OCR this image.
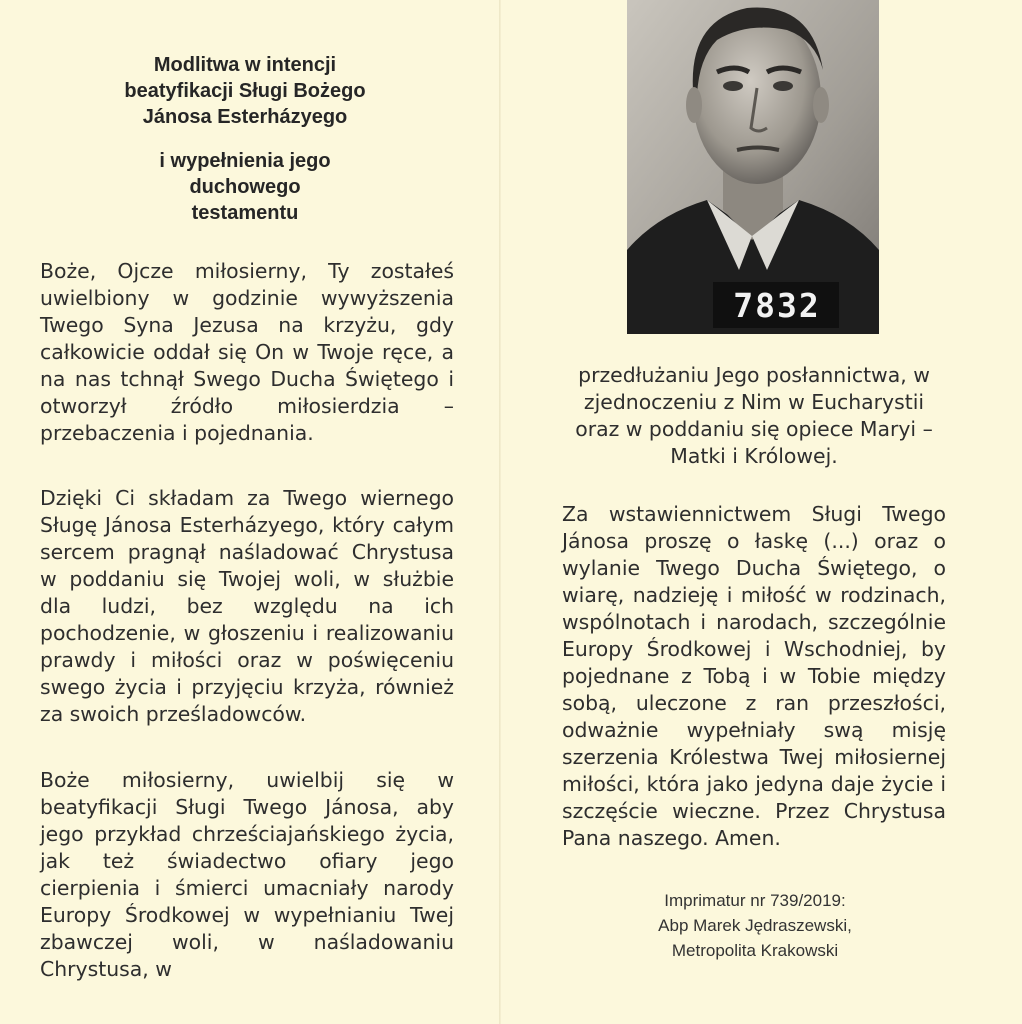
Modlitwa w intencji
beatyfikacji Sługi Bożego
Jánosa Esterházyego
i wypełnienia jego
duchowego
testamentu

Boże, Ojcze miłosierny, Ty zostałeś uwielbiony w godzinie wywyższenia Twego Syna Jezusa na krzyżu, gdy całkowicie oddał się On w Twoje ręce, a na nas tchnął Swego Ducha Świętego i otworzył źródło miłosierdzia – przebaczenia i pojednania.

Dzięki Ci składam za Twego wiernego Sługę Jánosa Esterházyego, który całym sercem pragnął naśladować Chrystusa w poddaniu się Twojej woli, w służbie dla ludzi, bez względu na ich pochodzenie, w głoszeniu i realizowaniu prawdy i miłości oraz w poświęceniu swego życia i przyjęciu krzyża, również za swoich prześladowców.

Boże miłosierny, uwielbij się w beatyfikacji Sługi Twego Jánosa, aby jego przykład chrześciajańskiego życia, jak też świadectwo ofiary jego cierpienia i śmierci umacniały narody Europy Środkowej w wypełnianiu Twej zbawczej woli, w naśladowaniu Chrystusa, w

7832

przedłużaniu Jego posłannictwa, w zjednoczeniu z Nim w Eucharystii oraz w poddaniu się opiece Maryi – Matki i Królowej.

Za wstawiennictwem Sługi Twego Jánosa proszę o łaskę (...) oraz o wylanie Twego Ducha Świętego, o wiarę, nadzieję i miłość w rodzinach, wspólnotach i narodach, szczególnie Europy Środkowej i Wschodniej, by pojednane z Tobą i w Tobie między sobą, uleczone z ran przeszłości, odważnie wypełniały swą misję szerzenia Królestwa Twej miłosiernej miłości, która jako jedyna daje życie i szczęście wieczne. Przez Chrystusa Pana naszego. Amen.

Imprimatur nr 739/2019:
Abp Marek Jędraszewski,
Metropolita Krakowski
